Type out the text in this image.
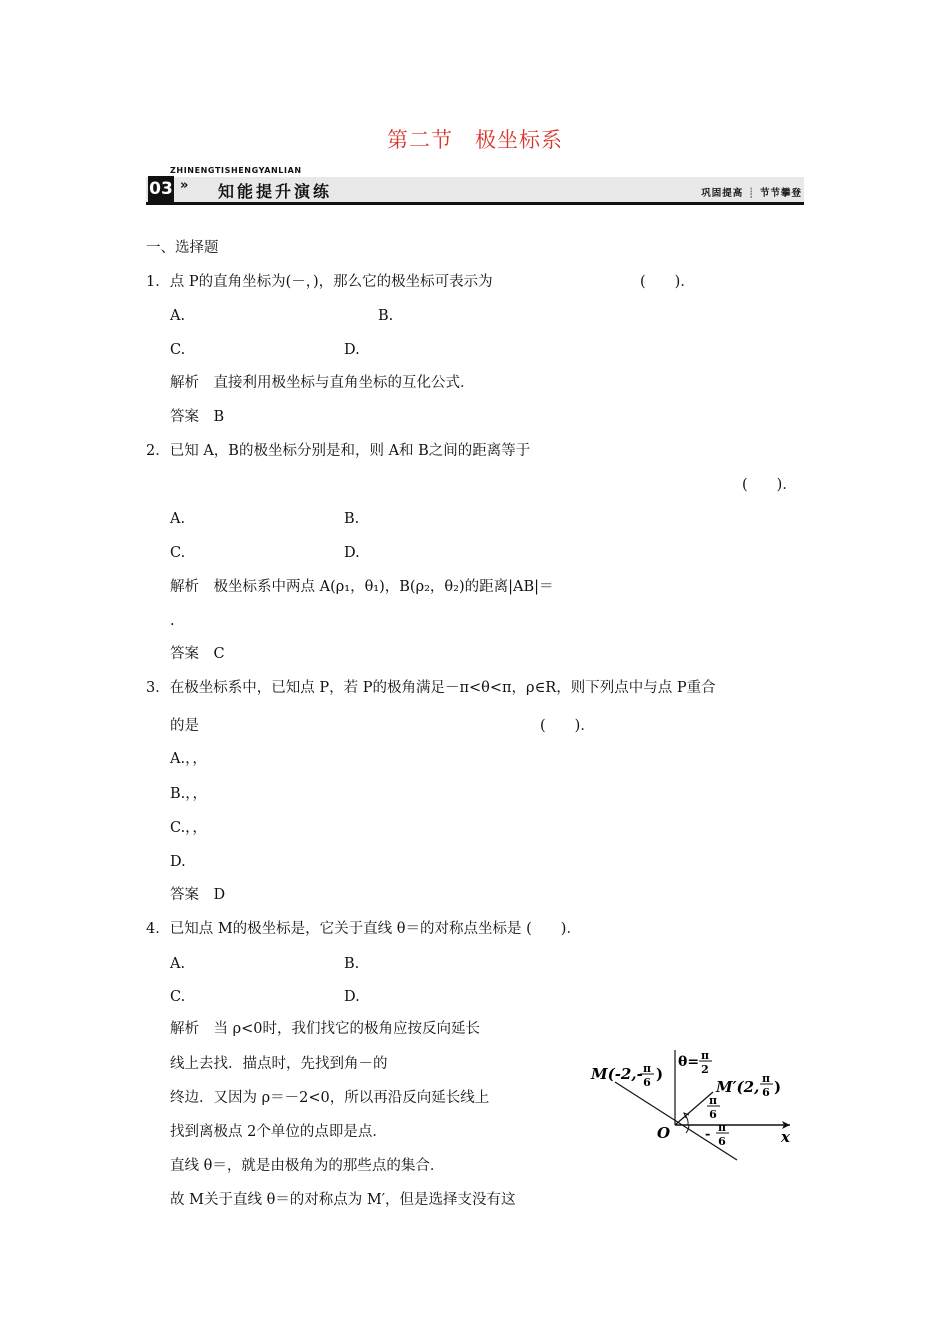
第二节　极坐标系
ZHINENGTISHENGYANLIAN
03 » 知能提升演练	巩固提高 ┊ 节节攀登
一、选择题
1．点 P的直角坐标为(－，)，那么它的极坐标可表示为	(　　)．
A.	B.
C.	D.
解析　直接利用极坐标与直角坐标的互化公式．
答案　B
2．已知 A，B的极坐标分别是和，则 A和 B之间的距离等于
(　　)．
A.	B.
C.	D.
解析　极坐标系中两点 A(ρ₁，θ₁)，B(ρ₂，θ₂)的距离|AB|＝
.
答案　C
3．在极坐标系中，已知点 P，若 P的极角满足－π<θ<π，ρ∈R，则下列点中与点 P重合
的是	(　　)．
A.，，
B.，，
C.，，
D.
答案　D
4．已知点 M的极坐标是，它关于直线 θ＝的对称点坐标是 (　　)．
A.	B.
C.	D.
解析　当 ρ<0时，我们找它的极角应按反向延长
线上去找．描点时，先找到角－的
终边．又因为 ρ＝－2<0，所以再沿反向延长线上
找到离极点 2个单位的点即是点．
直线 θ＝，就是由极角为的那些点的集合．
故 M关于直线 θ＝的对称点为 M′，但是选择支没有这
M(-2,- π
6 )
θ= π
2
M′(2, π
6 )
π
6
- π
6
O	x
